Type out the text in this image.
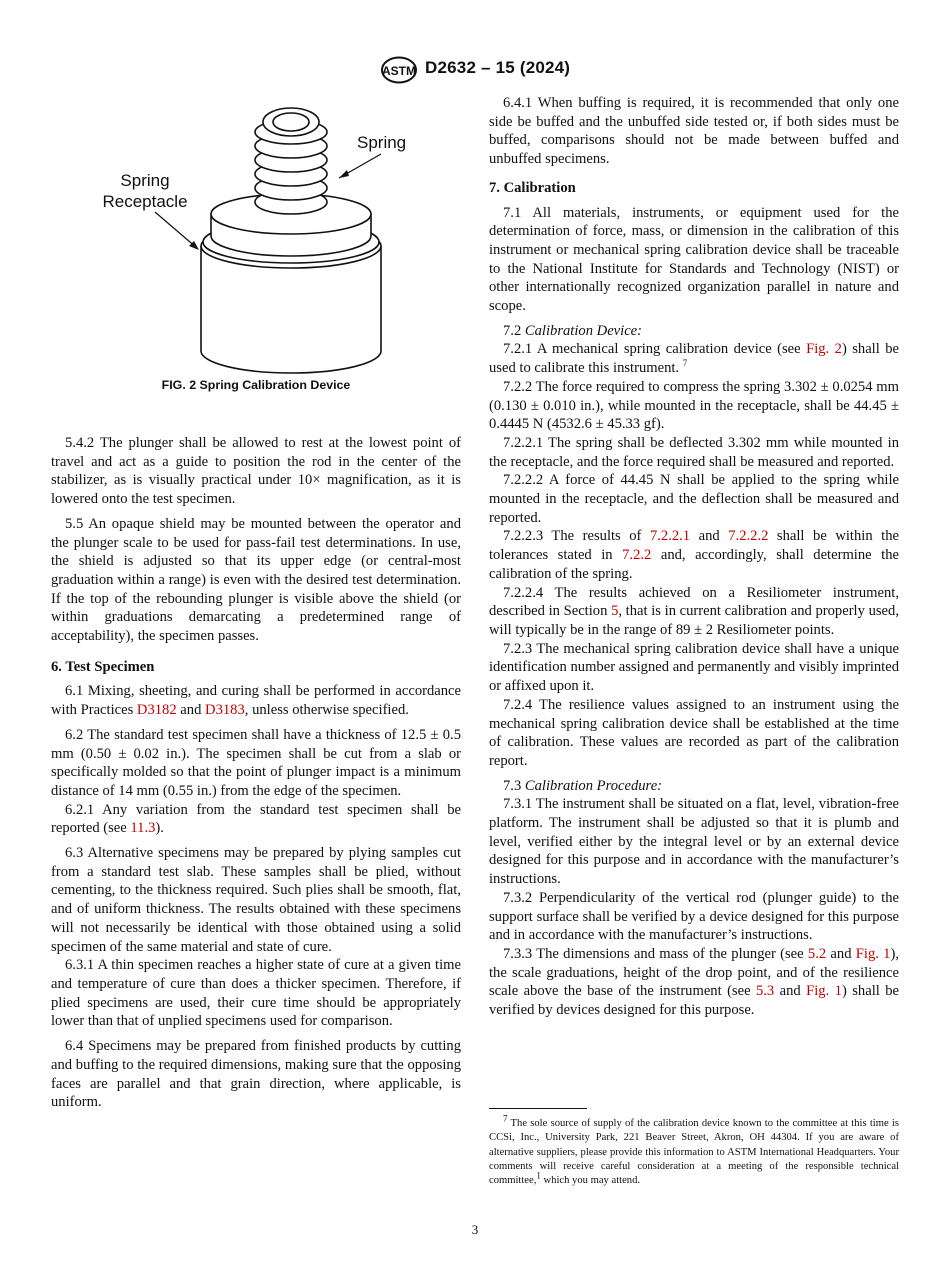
ASTM D2632 – 15 (2024)
Spring
Spring
Receptacle
FIG. 2 Spring Calibration Device

5.4.2 The plunger shall be allowed to rest at the lowest point of travel and act as a guide to position the rod in the center of the stabilizer, as is visually practical under 10× magnification, as it is lowered onto the test specimen.

5.5 An opaque shield may be mounted between the operator and the plunger scale to be used for pass-fail test determinations. In use, the shield is adjusted so that its upper edge (or central-most graduation within a range) is even with the desired test determination. If the top of the rebounding plunger is visible above the shield (or within graduations demarcating a predetermined range of acceptability), the specimen passes.

6. Test Specimen

6.1 Mixing, sheeting, and curing shall be performed in accordance with Practices D3182 and D3183, unless otherwise specified.

6.2 The standard test specimen shall have a thickness of 12.5 ± 0.5 mm (0.50 ± 0.02 in.). The specimen shall be cut from a slab or specifically molded so that the point of plunger impact is a minimum distance of 14 mm (0.55 in.) from the edge of the specimen.

6.2.1 Any variation from the standard test specimen shall be reported (see 11.3).

6.3 Alternative specimens may be prepared by plying samples cut from a standard test slab. These samples shall be plied, without cementing, to the thickness required. Such plies shall be smooth, flat, and of uniform thickness. The results obtained with these specimens will not necessarily be identical with those obtained using a solid specimen of the same material and state of cure.

6.3.1 A thin specimen reaches a higher state of cure at a given time and temperature of cure than does a thicker specimen. Therefore, if plied specimens are used, their cure time should be appropriately lower than that of unplied specimens used for comparison.

6.4 Specimens may be prepared from finished products by cutting and buffing to the required dimensions, making sure that the opposing faces are parallel and that grain direction, where applicable, is uniform.

6.4.1 When buffing is required, it is recommended that only one side be buffed and the unbuffed side tested or, if both sides must be buffed, comparisons should not be made between buffed and unbuffed specimens.

7. Calibration

7.1 All materials, instruments, or equipment used for the determination of force, mass, or dimension in the calibration of this instrument or mechanical spring calibration device shall be traceable to the National Institute for Standards and Technology (NIST) or other internationally recognized organization parallel in nature and scope.

7.2 Calibration Device:

7.2.1 A mechanical spring calibration device (see Fig. 2) shall be used to calibrate this instrument. $^7$

7.2.2 The force required to compress the spring 3.302 ± 0.0254 mm (0.130 ± 0.010 in.), while mounted in the receptacle, shall be 44.45 ± 0.4445 N (4532.6 ± 45.33 gf).

7.2.2.1 The spring shall be deflected 3.302 mm while mounted in the receptacle, and the force required shall be measured and reported.

7.2.2.2 A force of 44.45 N shall be applied to the spring while mounted in the receptacle, and the deflection shall be measured and reported.

7.2.2.3 The results of 7.2.2.1 and 7.2.2.2 shall be within the tolerances stated in 7.2.2 and, accordingly, shall determine the calibration of the spring.

7.2.2.4 The results achieved on a Resiliometer instrument, described in Section 5, that is in current calibration and properly used, will typically be in the range of 89 ± 2 Resiliometer points.

7.2.3 The mechanical spring calibration device shall have a unique identification number assigned and permanently and visibly imprinted or affixed upon it.

7.2.4 The resilience values assigned to an instrument using the mechanical spring calibration device shall be established at the time of calibration. These values are recorded as part of the calibration report.

7.3 Calibration Procedure:

7.3.1 The instrument shall be situated on a flat, level, vibration-free platform. The instrument shall be adjusted so that it is plumb and level, verified either by the integral level or by an external device designed for this purpose and in accordance with the manufacturer’s instructions.

7.3.2 Perpendicularity of the vertical rod (plunger guide) to the support surface shall be verified by a device designed for this purpose and in accordance with the manufacturer’s instructions.

7.3.3 The dimensions and mass of the plunger (see 5.2 and Fig. 1), the scale graduations, height of the drop point, and of the resilience scale above the base of the instrument (see 5.3 and Fig. 1) shall be verified by devices designed for this purpose.

$^7$ The sole source of supply of the calibration device known to the committee at this time is CCSi, Inc., University Park, 221 Beaver Street, Akron, OH 44304. If you are aware of alternative suppliers, please provide this information to ASTM International Headquarters. Your comments will receive careful consideration at a meeting of the responsible technical committee,$^1$ which you may attend.

3
